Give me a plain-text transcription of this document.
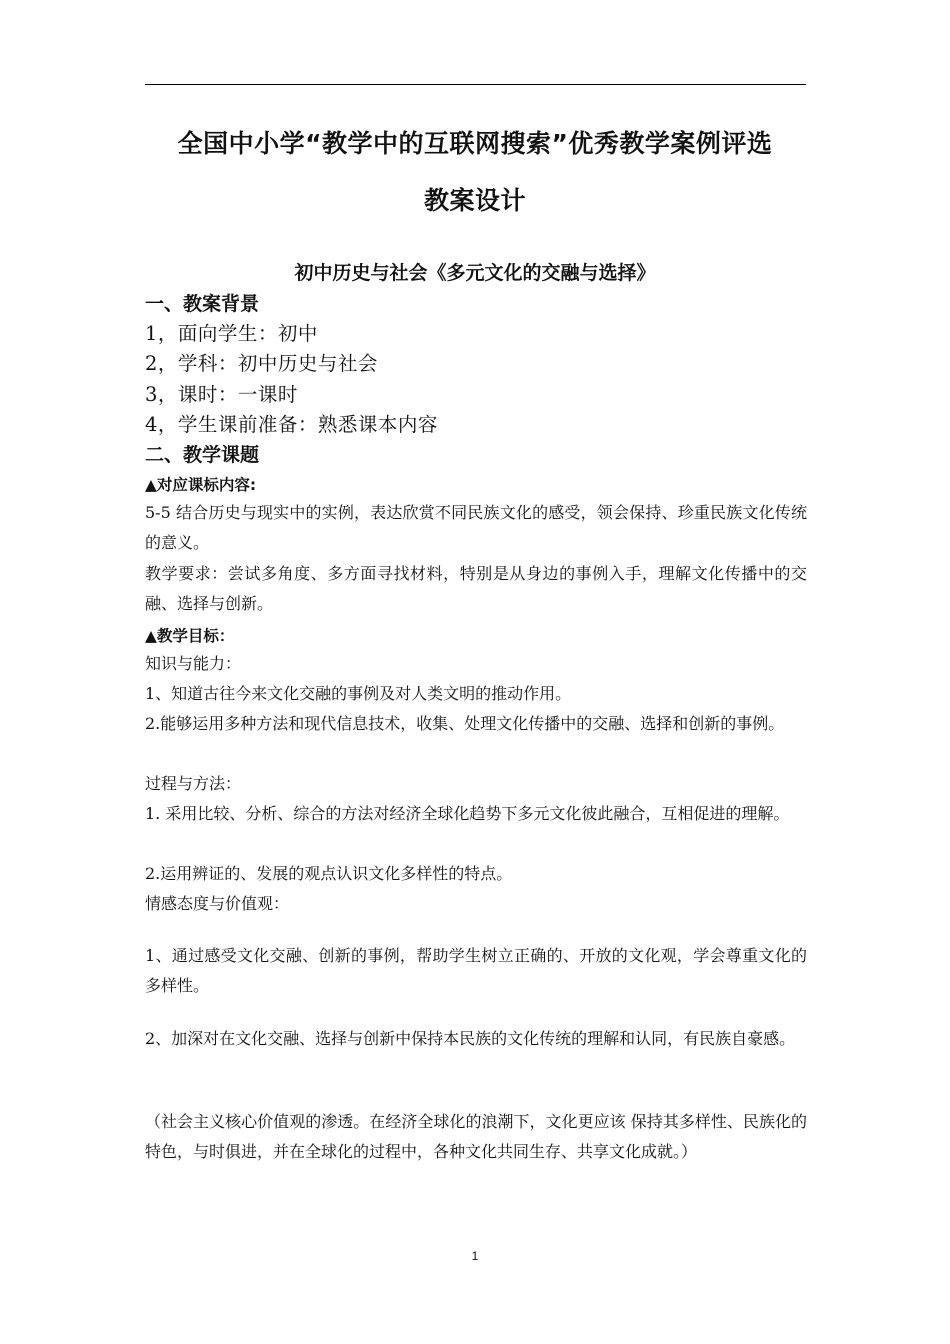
全国中小学“教学中的互联网搜索”优秀教学案例评选
教案设计
初中历史与社会《多元文化的交融与选择》
一、教案背景
1，面向学生：初中
2，学科：初中历史与社会
3，课时：一课时
4，学生课前准备：熟悉课本内容
二、教学课题
▲对应课标内容:
5-5 结合历史与现实中的实例，表达欣赏不同民族文化的感受，领会保持、珍重民族文化传统的意义。
教学要求：尝试多角度、多方面寻找材料，特别是从身边的事例入手，理解文化传播中的交融、选择与创新。
▲教学目标：
知识与能力：
1、知道古往今来文化交融的事例及对人类文明的推动作用。
2.能够运用多种方法和现代信息技术，收集、处理文化传播中的交融、选择和创新的事例。
过程与方法：
1. 采用比较、分析、综合的方法对经济全球化趋势下多元文化彼此融合，互相促进的理解。
2.运用辨证的、发展的观点认识文化多样性的特点。
情感态度与价值观：
1、通过感受文化交融、创新的事例，帮助学生树立正确的、开放的文化观，学会尊重文化的多样性。
2、加深对在文化交融、选择与创新中保持本民族的文化传统的理解和认同，有民族自豪感。
（社会主义核心价值观的渗透。在经济全球化的浪潮下，文化更应该 保持其多样性、民族化的特色，与时俱进，并在全球化的过程中，各种文化共同生存、共享文化成就。）
1
